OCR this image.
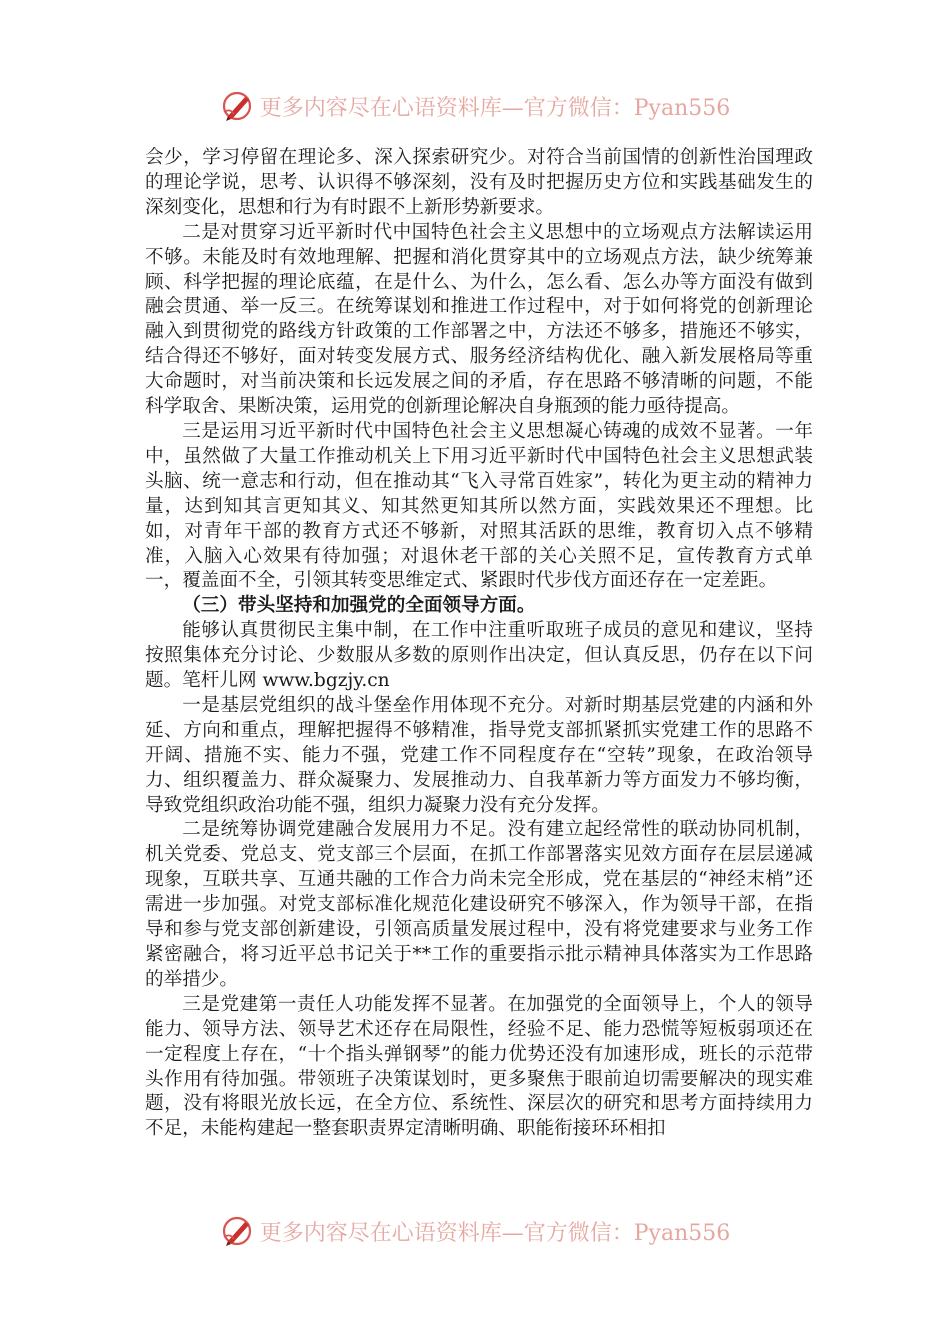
更多内容尽在心语资料库—官方微信：Pyan556

会少，学习停留在理论多、深入探索研究少。对符合当前国情的创新性治国理政的理论学说，思考、认识得不够深刻，没有及时把握历史方位和实践基础发生的深刻变化，思想和行为有时跟不上新形势新要求。

二是对贯穿习近平新时代中国特色社会主义思想中的立场观点方法解读运用不够。未能及时有效地理解、把握和消化贯穿其中的立场观点方法，缺少统筹兼顾、科学把握的理论底蕴，在是什么、为什么，怎么看、怎么办等方面没有做到融会贯通、举一反三。在统筹谋划和推进工作过程中，对于如何将党的创新理论融入到贯彻党的路线方针政策的工作部署之中，方法还不够多，措施还不够实，结合得还不够好，面对转变发展方式、服务经济结构优化、融入新发展格局等重大命题时，对当前决策和长远发展之间的矛盾，存在思路不够清晰的问题，不能科学取舍、果断决策，运用党的创新理论解决自身瓶颈的能力亟待提高。

三是运用习近平新时代中国特色社会主义思想凝心铸魂的成效不显著。一年中，虽然做了大量工作推动机关上下用习近平新时代中国特色社会主义思想武装头脑、统一意志和行动，但在推动其“飞入寻常百姓家”，转化为更主动的精神力量，达到知其言更知其义、知其然更知其所以然方面，实践效果还不理想。比如，对青年干部的教育方式还不够新，对照其活跃的思维，教育切入点不够精准，入脑入心效果有待加强；对退休老干部的关心关照不足，宣传教育方式单一，覆盖面不全，引领其转变思维定式、紧跟时代步伐方面还存在一定差距。

（三）带头坚持和加强党的全面领导方面。

能够认真贯彻民主集中制，在工作中注重听取班子成员的意见和建议，坚持按照集体充分讨论、少数服从多数的原则作出决定，但认真反思，仍存在以下问题。笔杆儿网 www.bgzjy.cn

一是基层党组织的战斗堡垒作用体现不充分。对新时期基层党建的内涵和外延、方向和重点，理解把握得不够精准，指导党支部抓紧抓实党建工作的思路不开阔、措施不实、能力不强，党建工作不同程度存在“空转”现象，在政治领导力、组织覆盖力、群众凝聚力、发展推动力、自我革新力等方面发力不够均衡，导致党组织政治功能不强，组织力凝聚力没有充分发挥。

二是统筹协调党建融合发展用力不足。没有建立起经常性的联动协同机制，机关党委、党总支、党支部三个层面，在抓工作部署落实见效方面存在层层递减现象，互联共享、互通共融的工作合力尚未完全形成，党在基层的“神经末梢”还需进一步加强。对党支部标准化规范化建设研究不够深入，作为领导干部，在指导和参与党支部创新建设，引领高质量发展过程中，没有将党建要求与业务工作紧密融合，将习近平总书记关于**工作的重要指示批示精神具体落实为工作思路的举措少。

三是党建第一责任人功能发挥不显著。在加强党的全面领导上，个人的领导能力、领导方法、领导艺术还存在局限性，经验不足、能力恐慌等短板弱项还在一定程度上存在，“十个指头弹钢琴”的能力优势还没有加速形成，班长的示范带头作用有待加强。带领班子决策谋划时，更多聚焦于眼前迫切需要解决的现实难题，没有将眼光放长远，在全方位、系统性、深层次的研究和思考方面持续用力不足，未能构建起一整套职责界定清晰明确、职能衔接环环相扣

更多内容尽在心语资料库—官方微信：Pyan556
